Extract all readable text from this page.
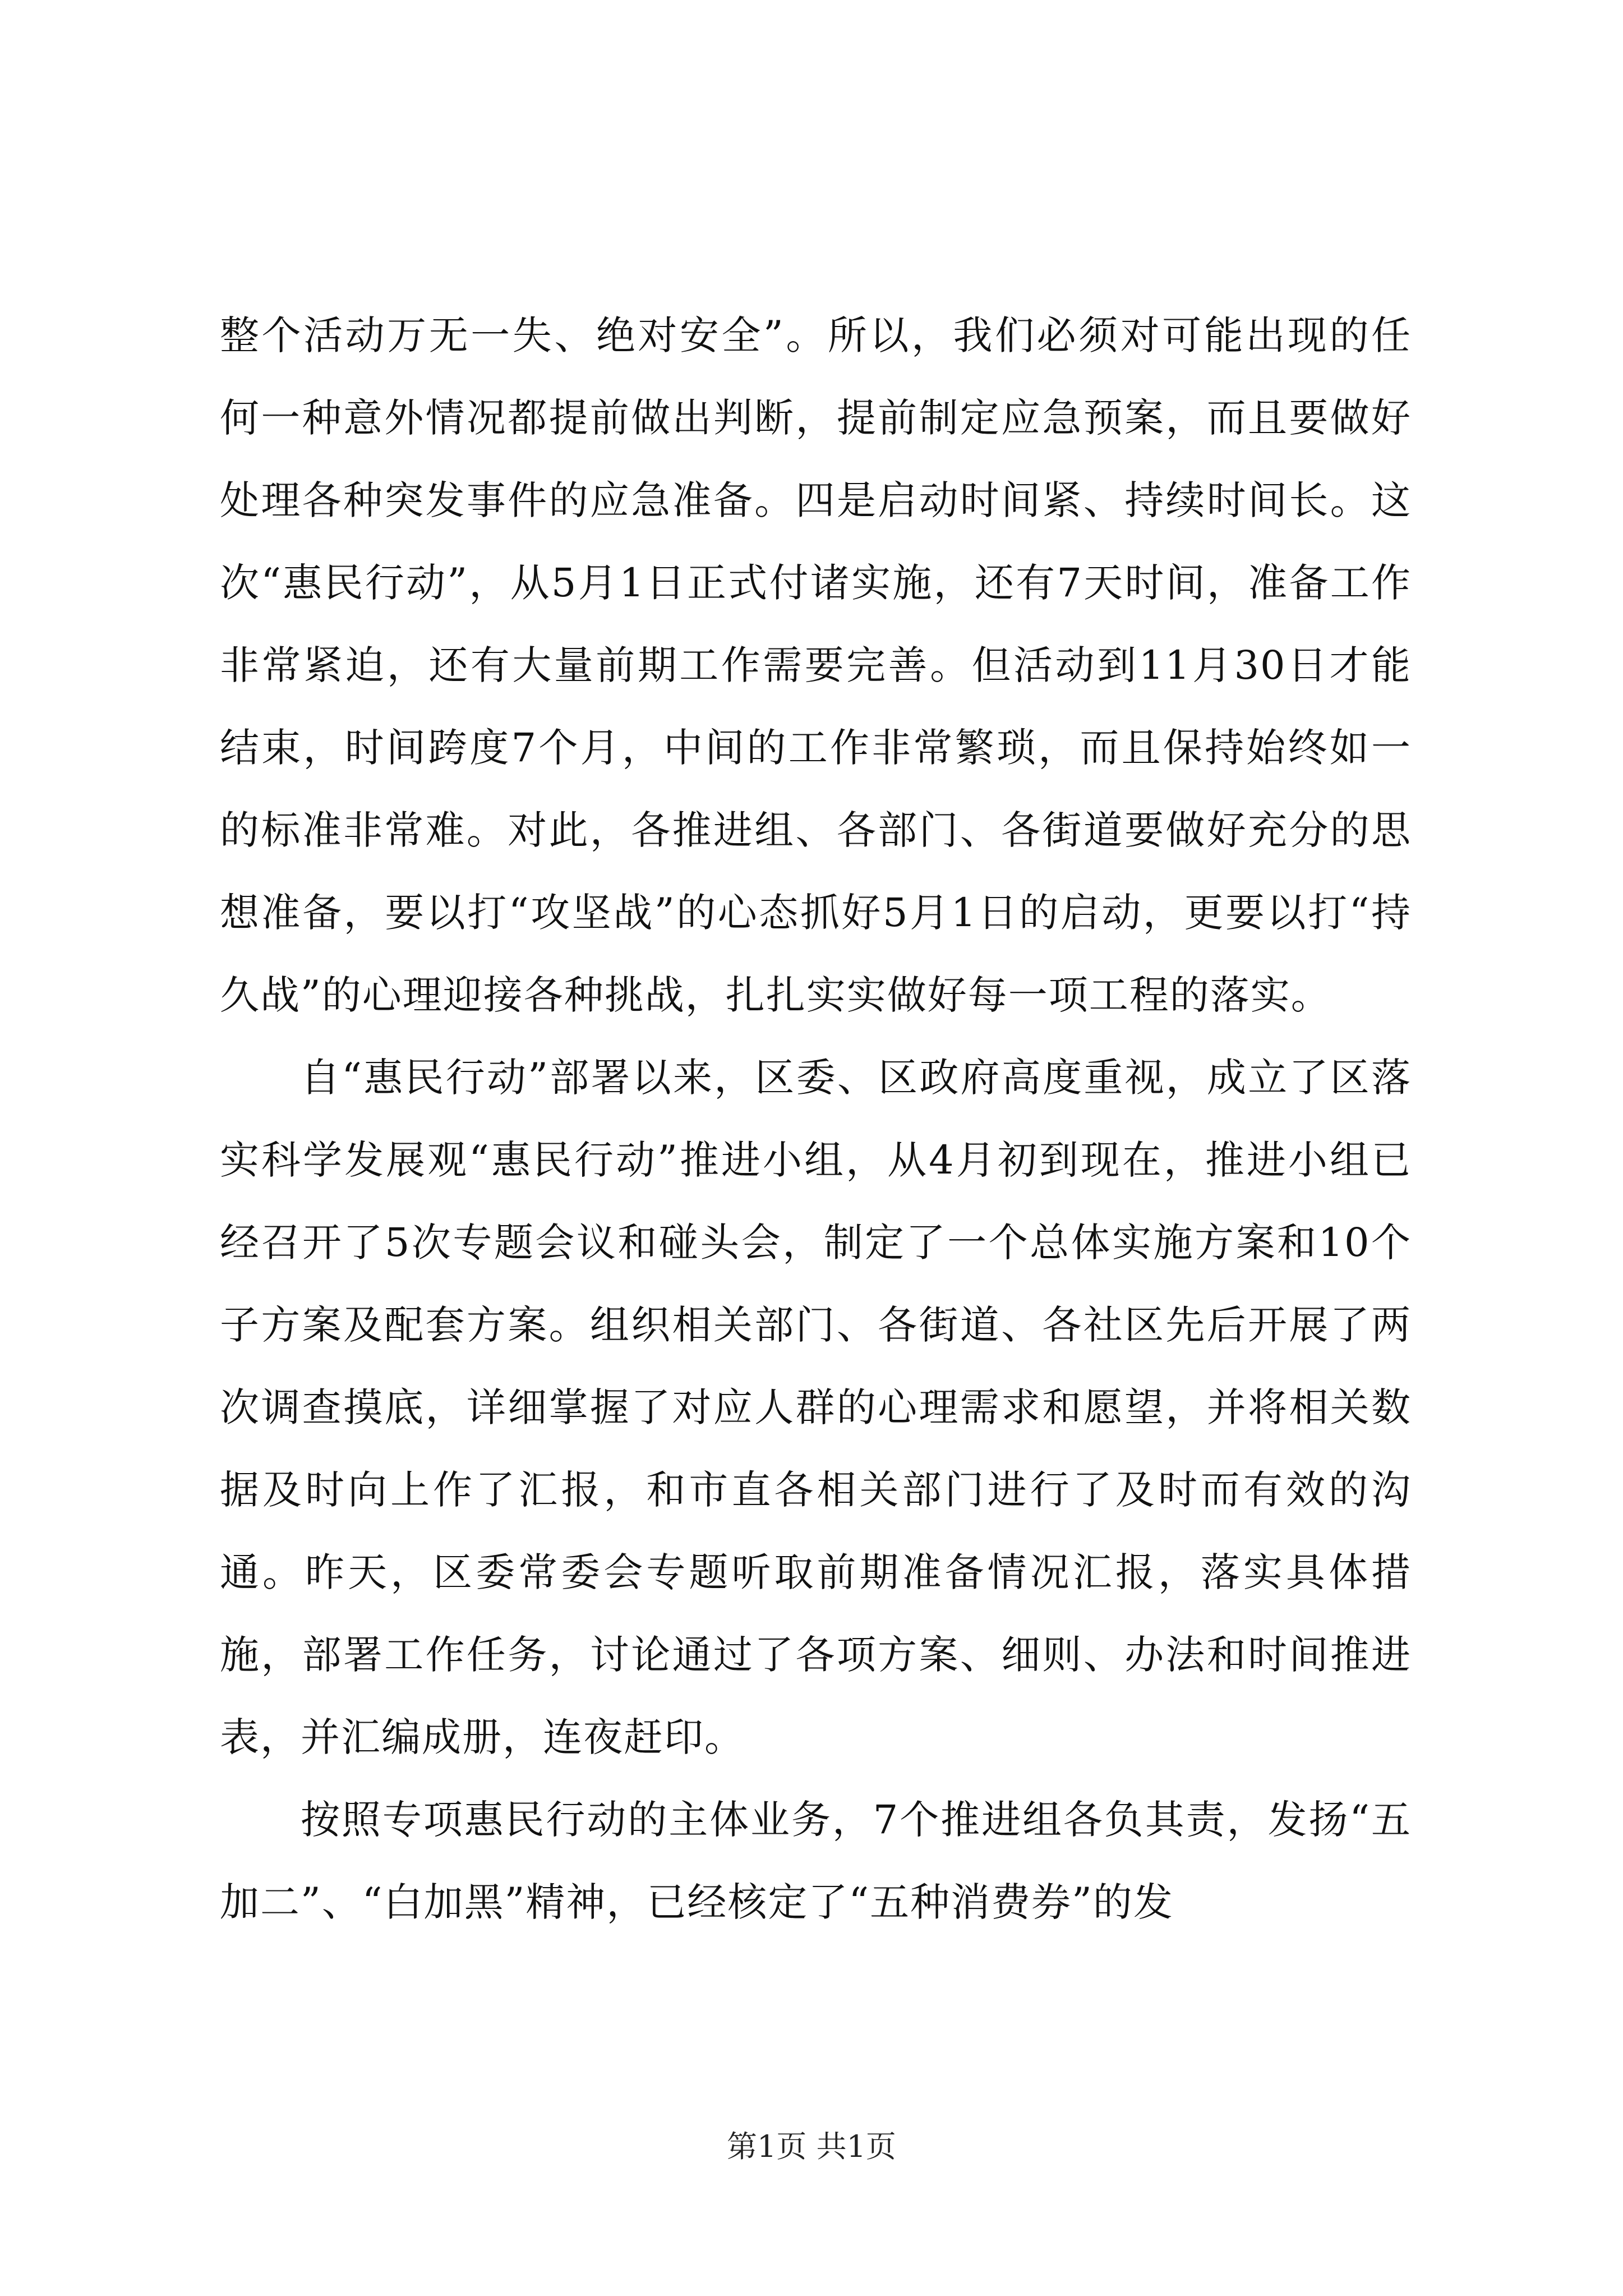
整个活动万无一失、绝对安全”。所以，我们必须对可能出现的任何一种意外情况都提前做出判断，提前制定应急预案，而且要做好处理各种突发事件的应急准备。四是启动时间紧、持续时间长。这次“惠民行动”，从5月1日正式付诸实施，还有7天时间，准备工作非常紧迫，还有大量前期工作需要完善。但活动到11月30日才能结束，时间跨度7个月，中间的工作非常繁琐，而且保持始终如一的标准非常难。对此，各推进组、各部门、各街道要做好充分的思想准备，要以打“攻坚战”的心态抓好5月1日的启动，更要以打“持久战”的心理迎接各种挑战，扎扎实实做好每一项工程的落实。

自“惠民行动”部署以来，区委、区政府高度重视，成立了区落实科学发展观“惠民行动”推进小组，从4月初到现在，推进小组已经召开了5次专题会议和碰头会，制定了一个总体实施方案和10个子方案及配套方案。组织相关部门、各街道、各社区先后开展了两次调查摸底，详细掌握了对应人群的心理需求和愿望，并将相关数据及时向上作了汇报，和市直各相关部门进行了及时而有效的沟通。昨天，区委常委会专题听取前期准备情况汇报，落实具体措施，部署工作任务，讨论通过了各项方案、细则、办法和时间推进表，并汇编成册，连夜赶印。

按照专项惠民行动的主体业务，7个推进组各负其责，发扬“五加二”、“白加黑”精神，已经核定了“五种消费券”的发

第1页 共1页
